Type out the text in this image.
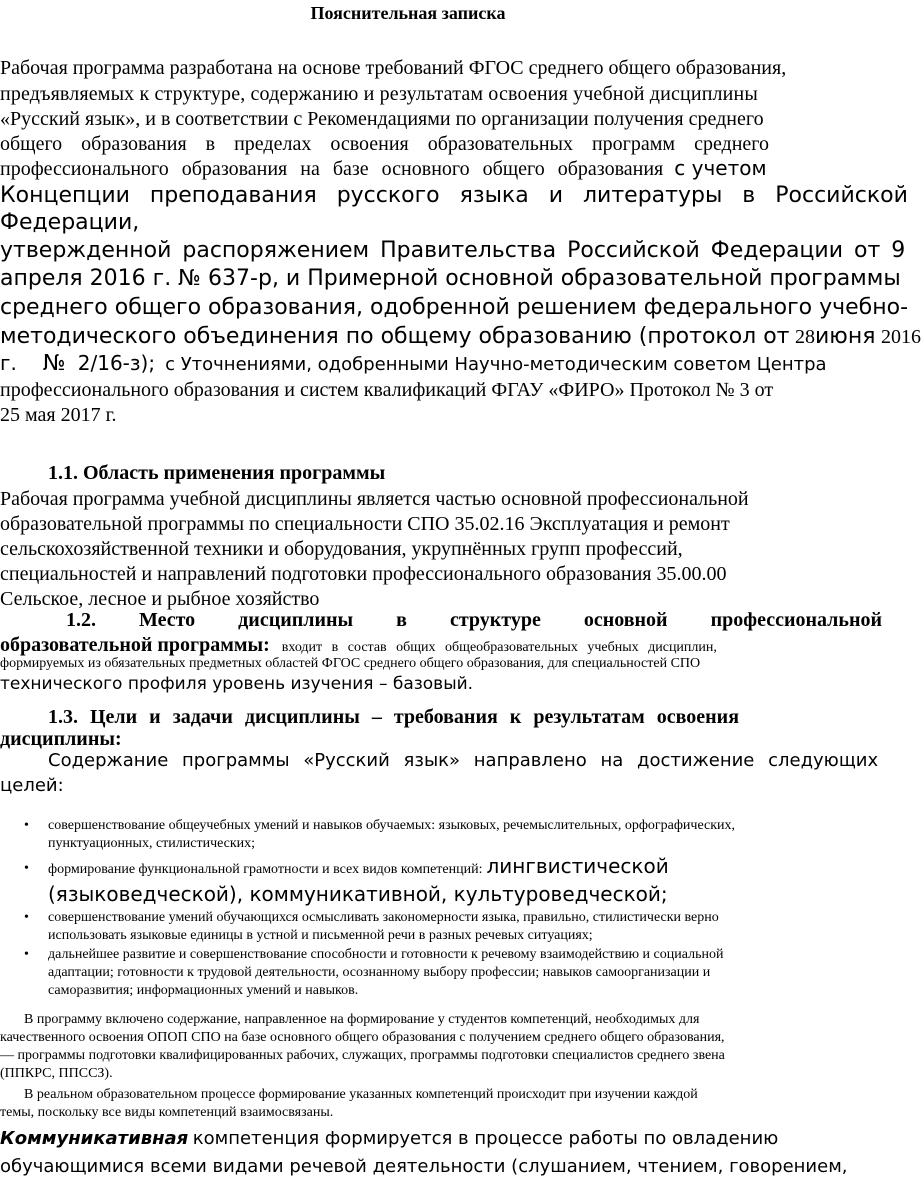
Пояснительная записка
Рабочая программа разработана на основе требований ФГОС среднего общего образования,
предъявляемых к структуре, содержанию и результатам освоения учебной дисциплины
«Русский язык», и в соответствии с Рекомендациями по организации получения среднего
общего образования в пределах освоения образовательных программ среднего
профессионального образования на базе основного общего образования с учетом
Концепции преподавания русского языка и литературы в Российской
Федерации,
утвержденной распоряжением Правительства Российской Федерации от 9
апреля 2016 г. № 637-р, и Примерной основной образовательной программы
среднего общего образования, одобренной решением федерального учебно-
методического объединения по общему образованию (протокол от 28июня 2016
г. № 2/16-з); с Уточнениями, одобренными Научно-методическим советом Центра
профессионального образования и систем квалификаций ФГАУ «ФИРО» Протокол № 3 от
25 мая 2017 г.
1.1. Область применения программы
Рабочая программа учебной дисциплины является частью основной профессиональной
образовательной программы по специальности СПО 35.02.16 Эксплуатация и ремонт
сельскохозяйственной техники и оборудования, укрупнённых групп профессий,
специальностей и направлений подготовки профессионального образования 35.00.00
Сельское, лесное и рыбное хозяйство
1.2. Место дисциплины в структуре основной профессиональной
образовательной программы: входит в состав общих общеобразовательных учебных дисциплин,
формируемых из обязательных предметных областей ФГОС среднего общего образования, для специальностей СПО
технического профиля уровень изучения – базовый.
1.3. Цели и задачи дисциплины – требования к результатам освоения
дисциплины:
Содержание программы «Русский язык» направлено на достижение следующих
целей:
• совершенствование общеучебных умений и навыков обучаемых: языковых, речемыслительных, орфографических,
пунктуационных, стилистических;
• формирование функциональной грамотности и всех видов компетенций: лингвистической
(языковедческой), коммуникативной, культуроведческой;
• совершенствование умений обучающихся осмысливать закономерности языка, правильно, стилистически верно
использовать языковые единицы в устной и письменной речи в разных речевых ситуациях;
• дальнейшее развитие и совершенствование способности и готовности к речевому взаимодействию и социальной
адаптации; готовности к трудовой деятельности, осознанному выбору профессии; навыков самоорганизации и
саморазвития; информационных умений и навыков.
В программу включено содержание, направленное на формирование у студентов компетенций, необходимых для
качественного освоения ОПОП СПО на базе основного общего образования с получением среднего общего образования,
— программы подготовки квалифицированных рабочих, служащих, программы подготовки специалистов среднего звена
(ППКРС, ППССЗ).
В реальном образовательном процессе формирование указанных компетенций происходит при изучении каждой
темы, поскольку все виды компетенций взаимосвязаны.
Коммуникативная компетенция формируется в процессе работы по овладению
обучающимися всеми видами речевой деятельности (слушанием, чтением, говорением,
